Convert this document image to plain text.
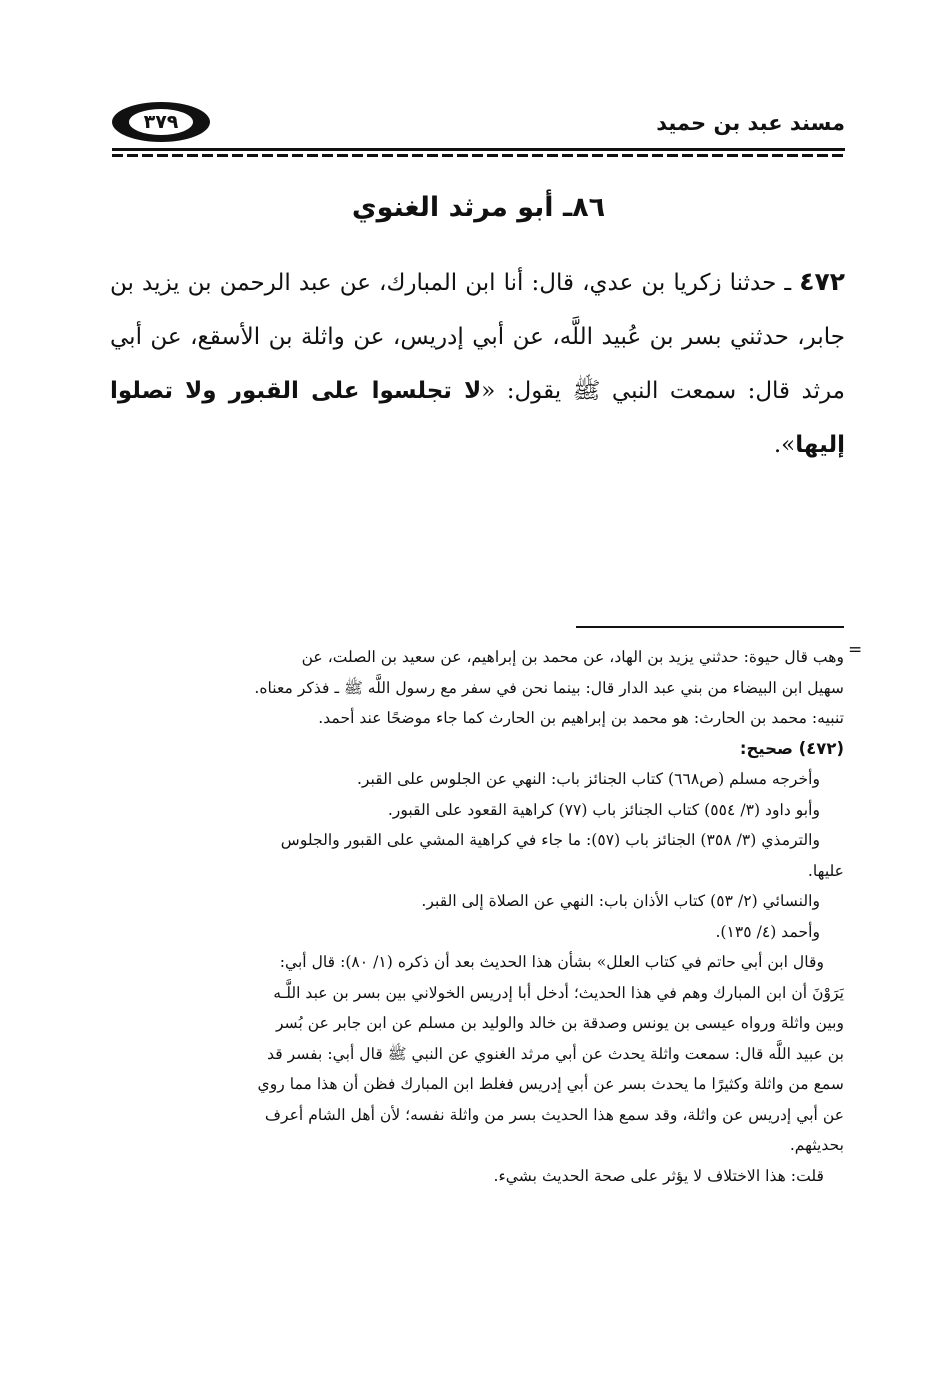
٣٧٩	مسند عبد بن حميد
٨٦ـ أبو مرثد الغنوي
٤٧٢ ـ حدثنا زكريا بن عدي، قال: أنا ابن المبارك، عن عبد الرحمن بن يزيد بن جابر، حدثني بسر بن عُبيد اللَّه، عن أبي إدريس، عن واثلة بن الأسقع، عن أبي مرثد قال: سمعت النبي ﷺ يقول: «لا تجلسوا على القبور ولا تصلوا إليها».
=
وهب قال حيوة: حدثني يزيد بن الهاد، عن محمد بن إبراهيم، عن سعيد بن الصلت، عن
سهيل ابن البيضاء من بني عبد الدار قال: بينما نحن في سفر مع رسول اللَّه ﷺ ـ فذكر معناه.
تنبيه: محمد بن الحارث: هو محمد بن إبراهيم بن الحارث كما جاء موضحًا عند أحمد.
(٤٧٢) صحيح:
وأخرجه مسلم (ص٦٦٨) كتاب الجنائز باب: النهي عن الجلوس على القبر.
وأبو داود (٣/ ٥٥٤) كتاب الجنائز باب (٧٧) كراهية القعود على القبور.
والترمذي (٣/ ٣٥٨) الجنائز باب (٥٧): ما جاء في كراهية المشي على القبور والجلوس
عليها.
والنسائي (٢/ ٥٣) كتاب الأذان باب: النهي عن الصلاة إلى القبر.
وأحمد (٤/ ١٣٥).
وقال ابن أبي حاتم في كتاب العلل» بشأن هذا الحديث بعد أن ذكره (١/ ٨٠): قال أبي:
يَرَوْنَ أن ابن المبارك وهم في هذا الحديث؛ أدخل أبا إدريس الخولاني بين بسر بن عبد اللَّـه
وبين واثلة ورواه عيسى بن يونس وصدقة بن خالد والوليد بن مسلم عن ابن جابر عن بُسر
بن عبيد اللَّه قال: سمعت واثلة يحدث عن أبي مرثد الغنوي عن النبي ﷺ قال أبي: بفسر قد
سمع من واثلة وكثيرًا ما يحدث بسر عن أبي إدريس فغلط ابن المبارك فظن أن هذا مما روي
عن أبي إدريس عن واثلة، وقد سمع هذا الحديث بسر من واثلة نفسه؛ لأن أهل الشام أعرف
بحديثهم.
قلت: هذا الاختلاف لا يؤثر على صحة الحديث بشيء.
